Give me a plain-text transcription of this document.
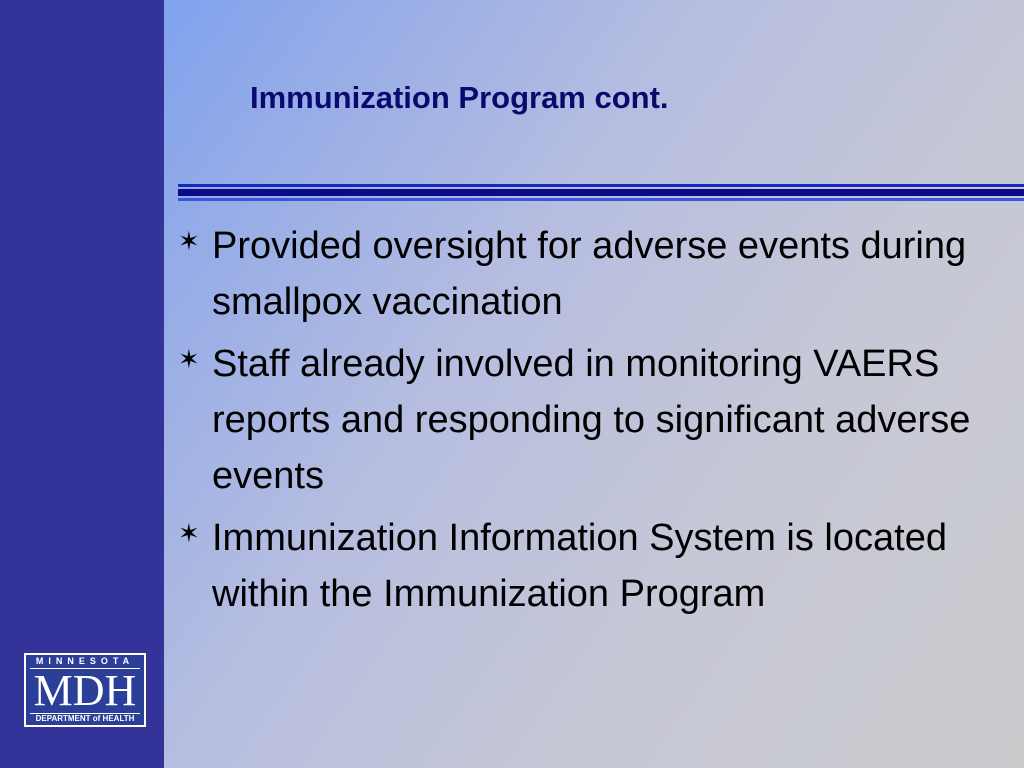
Immunization Program cont.
✶ Provided oversight for adverse events during smallpox vaccination
✶ Staff already involved in monitoring VAERS reports and responding to significant adverse events
✶ Immunization Information System is located within the Immunization Program
MINNESOTA
MDH
DEPARTMENT of HEALTH
